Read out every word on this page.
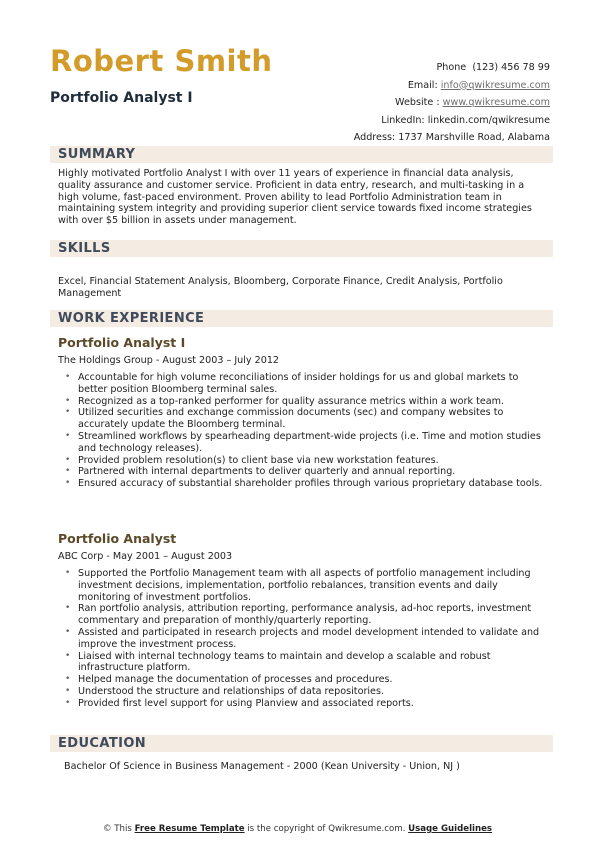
Robert Smith
Portfolio Analyst I
Phone (123) 456 78 99
Email: info@qwikresume.com
Website : www.qwikresume.com
LinkedIn: linkedin.com/qwikresume
Address: 1737 Marshville Road, Alabama
SUMMARY
Highly motivated Portfolio Analyst I with over 11 years of experience in financial data analysis, quality assurance and customer service. Proficient in data entry, research, and multi-tasking in a high volume, fast-paced environment. Proven ability to lead Portfolio Administration team in maintaining system integrity and providing superior client service towards fixed income strategies with over $5 billion in assets under management.
SKILLS
Excel, Financial Statement Analysis, Bloomberg, Corporate Finance, Credit Analysis, Portfolio Management
WORK EXPERIENCE
Portfolio Analyst I
The Holdings Group - August 2003 – July 2012
• Accountable for high volume reconciliations of insider holdings for us and global markets to better position Bloomberg terminal sales.
• Recognized as a top-ranked performer for quality assurance metrics within a work team.
• Utilized securities and exchange commission documents (sec) and company websites to accurately update the Bloomberg terminal.
• Streamlined workflows by spearheading department-wide projects (i.e. Time and motion studies and technology releases).
• Provided problem resolution(s) to client base via new workstation features.
• Partnered with internal departments to deliver quarterly and annual reporting.
• Ensured accuracy of substantial shareholder profiles through various proprietary database tools.
Portfolio Analyst
ABC Corp - May 2001 – August 2003
• Supported the Portfolio Management team with all aspects of portfolio management including investment decisions, implementation, portfolio rebalances, transition events and daily monitoring of investment portfolios.
• Ran portfolio analysis, attribution reporting, performance analysis, ad-hoc reports, investment commentary and preparation of monthly/quarterly reporting.
• Assisted and participated in research projects and model development intended to validate and improve the investment process.
• Liaised with internal technology teams to maintain and develop a scalable and robust infrastructure platform.
• Helped manage the documentation of processes and procedures.
• Understood the structure and relationships of data repositories.
• Provided first level support for using Planview and associated reports.
EDUCATION
Bachelor Of Science in Business Management - 2000 (Kean University - Union, NJ )
© This Free Resume Template is the copyright of Qwikresume.com. Usage Guidelines
